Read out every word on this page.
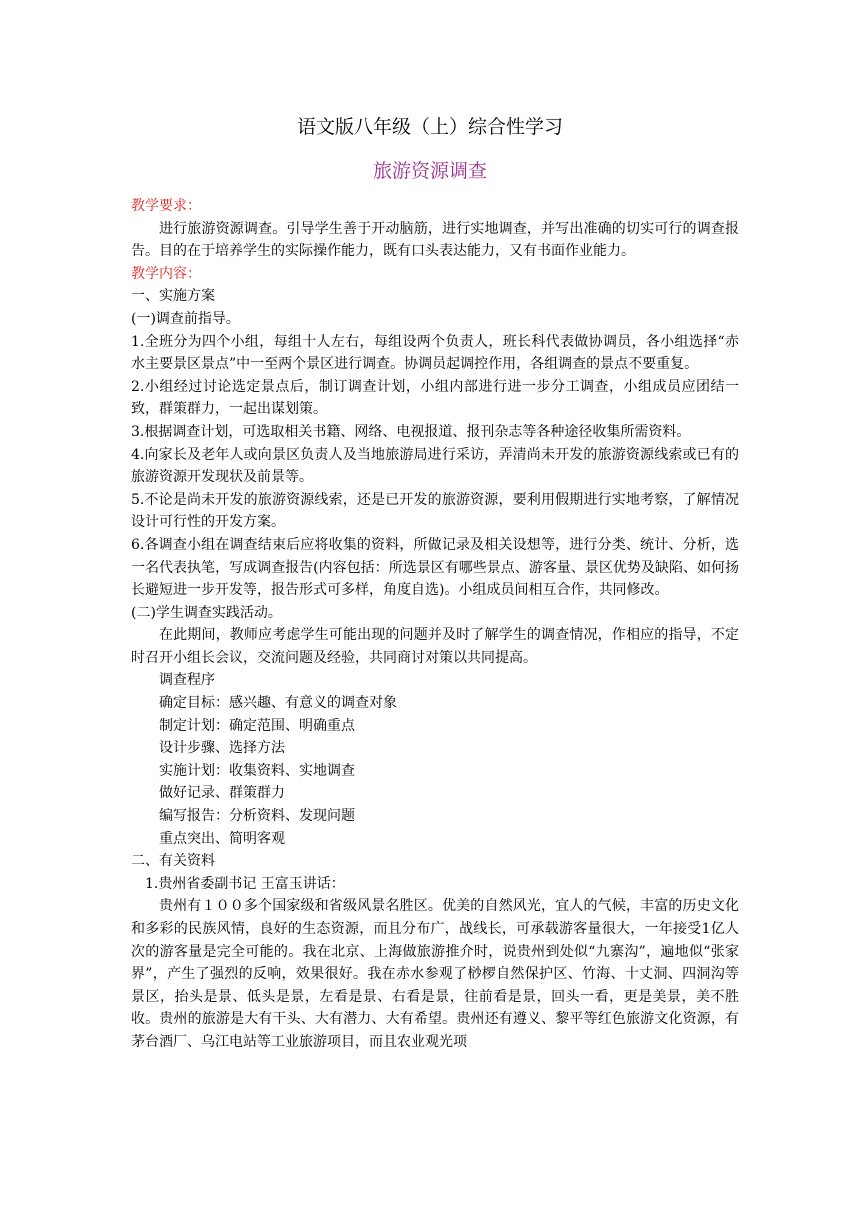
语文版八年级（上）综合性学习
旅游资源调查

教学要求：

进行旅游资源调查。引导学生善于开动脑筋，进行实地调查，并写出准确的切实可行的调查报告。目的在于培养学生的实际操作能力，既有口头表达能力，又有书面作业能力。

教学内容：

一、实施方案

(一)调查前指导。

1.全班分为四个小组，每组十人左右，每组设两个负责人，班长科代表做协调员，各小组选择“赤水主要景区景点”中一至两个景区进行调查。协调员起调控作用，各组调查的景点不要重复。

2.小组经过讨论选定景点后，制订调查计划，小组内部进行进一步分工调查，小组成员应团结一致，群策群力，一起出谋划策。

3.根据调查计划，可选取相关书籍、网络、电视报道、报刊杂志等各种途径收集所需资料。

4.向家长及老年人或向景区负责人及当地旅游局进行采访，弄清尚未开发的旅游资源线索或已有的旅游资源开发现状及前景等。

5.不论是尚未开发的旅游资源线索，还是已开发的旅游资源，要利用假期进行实地考察，了解情况设计可行性的开发方案。

6.各调查小组在调查结束后应将收集的资料，所做记录及相关设想等，进行分类、统计、分析，选一名代表执笔，写成调查报告(内容包括：所选景区有哪些景点、游客量、景区优势及缺陷、如何扬长避短进一步开发等，报告形式可多样，角度自选)。小组成员间相互合作，共同修改。

(二)学生调查实践活动。

在此期间，教师应考虑学生可能出现的问题并及时了解学生的调查情况，作相应的指导，不定时召开小组长会议，交流问题及经验，共同商讨对策以共同提高。

调查程序

确定目标：感兴趣、有意义的调查对象

制定计划：确定范围、明确重点

设计步骤、选择方法

实施计划：收集资料、实地调查

做好记录、群策群力

编写报告：分析资料、发现问题

重点突出、简明客观

二、有关资料

1.贵州省委副书记 王富玉讲话：

贵州有１００多个国家级和省级风景名胜区。优美的自然风光，宜人的气候，丰富的历史文化和多彩的民族风情，良好的生态资源，而且分布广，战线长，可承载游客量很大，一年接受1亿人次的游客量是完全可能的。我在北京、上海做旅游推介时，说贵州到处似“九寨沟”，遍地似“张家界”，产生了强烈的反响，效果很好。我在赤水参观了桫椤自然保护区、竹海、十丈洞、四洞沟等景区，抬头是景、低头是景，左看是景、右看是景，往前看是景，回头一看，更是美景，美不胜收。贵州的旅游是大有干头、大有潜力、大有希望。贵州还有遵义、黎平等红色旅游文化资源，有茅台酒厂、乌江电站等工业旅游项目，而且农业观光项
